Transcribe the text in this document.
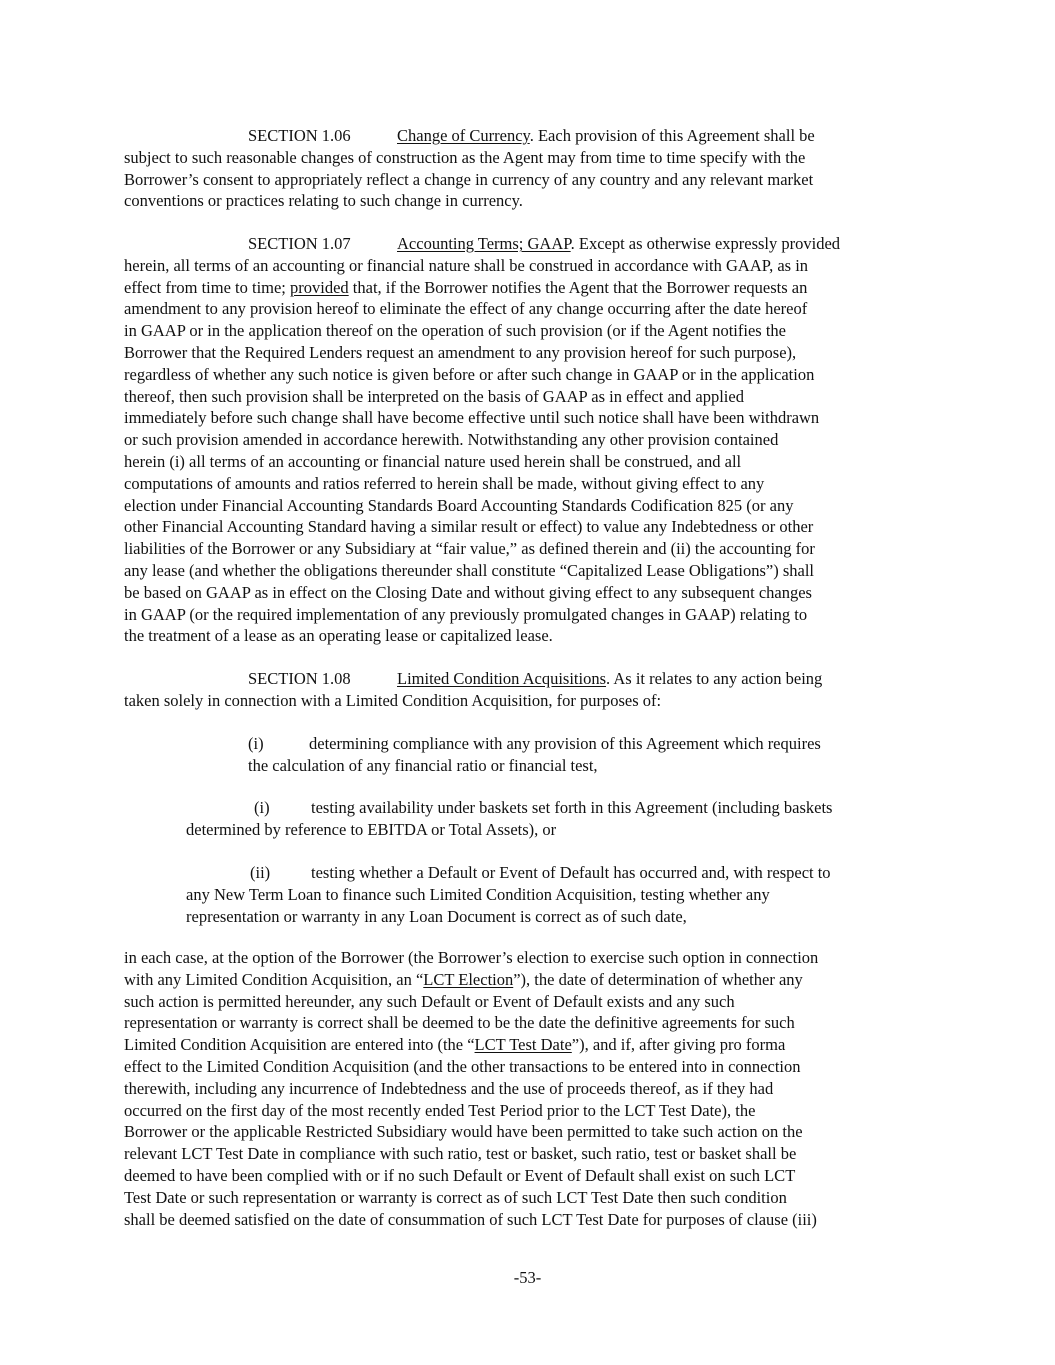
SECTION 1.06	Change of Currency. Each provision of this Agreement shall be
subject to such reasonable changes of construction as the Agent may from time to time specify with the
Borrower’s consent to appropriately reflect a change in currency of any country and any relevant market
conventions or practices relating to such change in currency.
SECTION 1.07	Accounting Terms; GAAP. Except as otherwise expressly provided
herein, all terms of an accounting or financial nature shall be construed in accordance with GAAP, as in
effect from time to time; provided that, if the Borrower notifies the Agent that the Borrower requests an
amendment to any provision hereof to eliminate the effect of any change occurring after the date hereof
in GAAP or in the application thereof on the operation of such provision (or if the Agent notifies the
Borrower that the Required Lenders request an amendment to any provision hereof for such purpose),
regardless of whether any such notice is given before or after such change in GAAP or in the application
thereof, then such provision shall be interpreted on the basis of GAAP as in effect and applied
immediately before such change shall have become effective until such notice shall have been withdrawn
or such provision amended in accordance herewith. Notwithstanding any other provision contained
herein (i) all terms of an accounting or financial nature used herein shall be construed, and all
computations of amounts and ratios referred to herein shall be made, without giving effect to any
election under Financial Accounting Standards Board Accounting Standards Codification 825 (or any
other Financial Accounting Standard having a similar result or effect) to value any Indebtedness or other
liabilities of the Borrower or any Subsidiary at “fair value,” as defined therein and (ii) the accounting for
any lease (and whether the obligations thereunder shall constitute “Capitalized Lease Obligations”) shall
be based on GAAP as in effect on the Closing Date and without giving effect to any subsequent changes
in GAAP (or the required implementation of any previously promulgated changes in GAAP) relating to
the treatment of a lease as an operating lease or capitalized lease.
SECTION 1.08	Limited Condition Acquisitions. As it relates to any action being
taken solely in connection with a Limited Condition Acquisition, for purposes of:
(i)	determining compliance with any provision of this Agreement which requires
the calculation of any financial ratio or financial test,
(i)	testing availability under baskets set forth in this Agreement (including baskets
determined by reference to EBITDA or Total Assets), or
(ii) testing whether a Default or Event of Default has occurred and, with respect to
any New Term Loan to finance such Limited Condition Acquisition, testing whether any
representation or warranty in any Loan Document is correct as of such date,
in each case, at the option of the Borrower (the Borrower’s election to exercise such option in connection
with any Limited Condition Acquisition, an “LCT Election”), the date of determination of whether any
such action is permitted hereunder, any such Default or Event of Default exists and any such
representation or warranty is correct shall be deemed to be the date the definitive agreements for such
Limited Condition Acquisition are entered into (the “LCT Test Date”), and if, after giving pro forma
effect to the Limited Condition Acquisition (and the other transactions to be entered into in connection
therewith, including any incurrence of Indebtedness and the use of proceeds thereof, as if they had
occurred on the first day of the most recently ended Test Period prior to the LCT Test Date), the
Borrower or the applicable Restricted Subsidiary would have been permitted to take such action on the
relevant LCT Test Date in compliance with such ratio, test or basket, such ratio, test or basket shall be
deemed to have been complied with or if no such Default or Event of Default shall exist on such LCT
Test Date or such representation or warranty is correct as of such LCT Test Date then such condition
shall be deemed satisfied on the date of consummation of such LCT Test Date for purposes of clause (iii)
-53-
